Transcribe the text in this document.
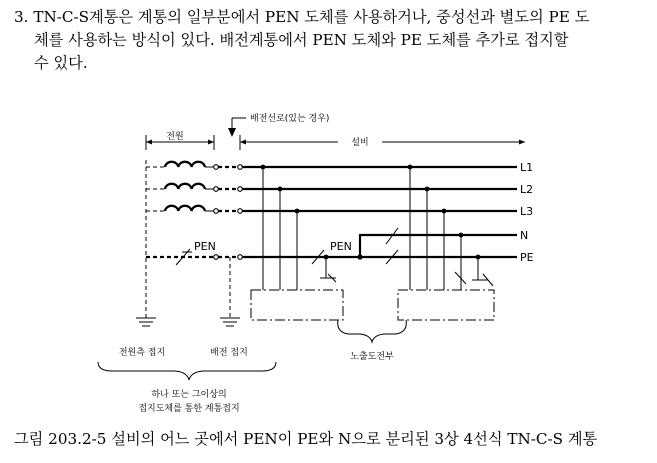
3. TN-C-S계통은 계통의 일부분에서 PEN 도체를 사용하거나, 중성선과 별도의 PE 도
체를 사용하는 방식이 있다. 배전계통에서 PEN 도체와 PE 도체를 추가로 접지할
수 있다.
전원
배전선로(있는 경우)
설비
PEN
L1
L2
L3
N
PE
PEN
전원측 접지	배전 접지	노출도전부
하나 또는 그이상의
접지도체를 통한 계통접지
그림 203.2-5 설비의 어느 곳에서 PEN이 PE와 N으로 분리된 3상 4선식 TN-C-S 계통
